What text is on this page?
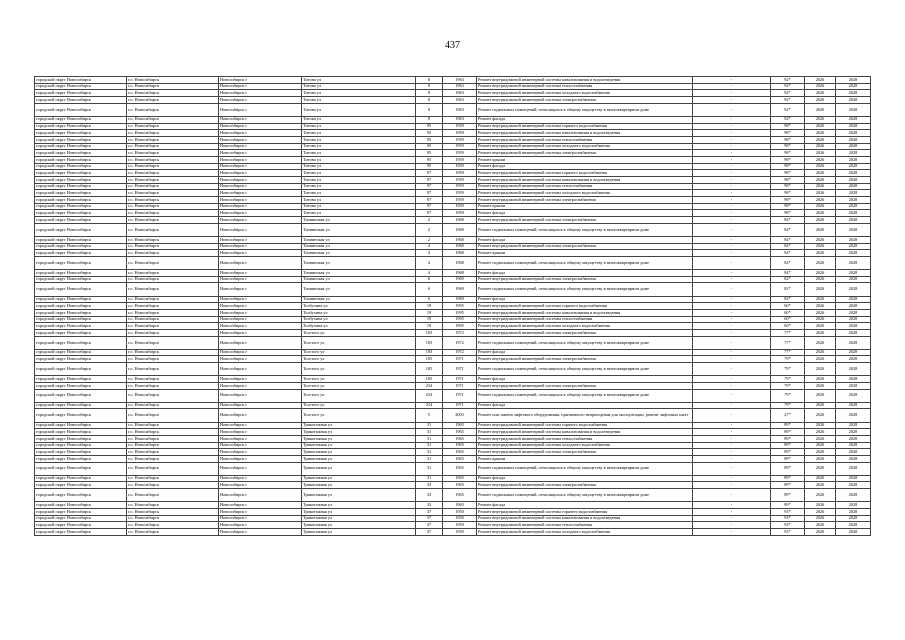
437
городской округ Новосибирск	г.о. Новосибирск	Новосибирск г	Титова ул	8	1963	Ремонт внутридомовой инженерной системы канализования и водоотведения	-	92*	2026	2028
городской округ Новосибирск	г.о. Новосибирск	Новосибирск г	Титова ул	8	1963	Ремонт внутридомовой инженерной системы теплоснабжения	-	92*	2026	2028
городской округ Новосибирск	г.о. Новосибирск	Новосибирск г	Титова ул	8	1963	Ремонт внутридомовой инженерной системы холодного водоснабжения	-	92*	2026	2028
городской округ Новосибирск	г.о. Новосибирск	Новосибирск г	Титова ул	8	1963	Ремонт внутридомовой инженерной системы электроснабжения	-	92*	2026	2028
городской округ Новосибирск	г.о. Новосибирск	Новосибирск г	Титова ул	8	1963	Ремонт подвальных помещений, относящихся к общему имуществу в многоквартирном доме	-	92*	2026	2028
городской округ Новосибирск	г.о. Новосибирск	Новосибирск г	Титова ул	8	1963	Ремонт фасада	-	92*	2026	2028
городской округ Новосибирск	г.о. Новосибирск	Новосибирск г	Титова ул	95	1959	Ремонт внутридомовой инженерной системы горячего водоснабжения	-	98*	2026	2028
городской округ Новосибирск	г.о. Новосибирск	Новосибирск г	Титова ул	95	1959	Ремонт внутридомовой инженерной системы канализования и водоотведения	-	98*	2026	2028
городской округ Новосибирск	г.о. Новосибирск	Новосибирск г	Титова ул	95	1959	Ремонт внутридомовой инженерной системы теплоснабжения	-	98*	2026	2028
городской округ Новосибирск	г.о. Новосибирск	Новосибирск г	Титова ул	95	1959	Ремонт внутридомовой инженерной системы холодного водоснабжения	-	98*	2026	2028
городской округ Новосибирск	г.о. Новосибирск	Новосибирск г	Титова ул	95	1959	Ремонт внутридомовой инженерной системы электроснабжения	-	98*	2026	2028
городской округ Новосибирск	г.о. Новосибирск	Новосибирск г	Титова ул	95	1959	Ремонт крыши	-	98*	2026	2028
городской округ Новосибирск	г.о. Новосибирск	Новосибирск г	Титова ул	95	1959	Ремонт фасада	-	98*	2026	2028
городской округ Новосибирск	г.о. Новосибирск	Новосибирск г	Титова ул	97	1959	Ремонт внутридомовой инженерной системы горячего водоснабжения	-	98*	2026	2028
городской округ Новосибирск	г.о. Новосибирск	Новосибирск г	Титова ул	97	1959	Ремонт внутридомовой инженерной системы канализования и водоотведения	-	98*	2026	2028
городской округ Новосибирск	г.о. Новосибирск	Новосибирск г	Титова ул	97	1959	Ремонт внутридомовой инженерной системы теплоснабжения	-	98*	2026	2028
городской округ Новосибирск	г.о. Новосибирск	Новосибирск г	Титова ул	97	1959	Ремонт внутридомовой инженерной системы холодного водоснабжения	-	98*	2026	2028
городской округ Новосибирск	г.о. Новосибирск	Новосибирск г	Титова ул	97	1959	Ремонт внутридомовой инженерной системы электроснабжения	-	98*	2026	2028
городской округ Новосибирск	г.о. Новосибирск	Новосибирск г	Титова ул	97	1959	Ремонт крыши	-	98*	2026	2028
городской округ Новосибирск	г.о. Новосибирск	Новосибирск г	Титова ул	97	1959	Ремонт фасада	-	98*	2026	2028
городской округ Новосибирск	г.о. Новосибирск	Новосибирск г	Тихвинская ул	2	1968	Ремонт внутридомовой инженерной системы электроснабжения	-	84*	2026	2028
городской округ Новосибирск	г.о. Новосибирск	Новосибирск г	Тихвинская ул	2	1968	Ремонт подвальных помещений, относящихся к общему имуществу в многоквартирном доме	-	84*	2026	2028
городской округ Новосибирск	г.о. Новосибирск	Новосибирск г	Тихвинская ул	2	1968	Ремонт фасада	-	84*	2026	2028
городской округ Новосибирск	г.о. Новосибирск	Новосибирск г	Тихвинская ул	4	1968	Ремонт внутридомовой инженерной системы электроснабжения	-	84*	2026	2028
городской округ Новосибирск	г.о. Новосибирск	Новосибирск г	Тихвинская ул	4	1968	Ремонт крыши	-	84*	2026	2028
городской округ Новосибирск	г.о. Новосибирск	Новосибирск г	Тихвинская ул	4	1968	Ремонт подвальных помещений, относящихся к общему имуществу в многоквартирном доме	-	84*	2026	2028
городской округ Новосибирск	г.о. Новосибирск	Новосибирск г	Тихвинская ул	4	1968	Ремонт фасада	-	84*	2026	2028
городской округ Новосибирск	г.о. Новосибирск	Новосибирск г	Тихвинская ул	6	1969	Ремонт внутридомовой инженерной системы электроснабжения	-	82*	2026	2028
городской округ Новосибирск	г.о. Новосибирск	Новосибирск г	Тихвинская ул	6	1969	Ремонт подвальных помещений, относящихся к общему имуществу в многоквартирном доме	-	82*	2026	2028
городской округ Новосибирск	г.о. Новосибирск	Новосибирск г	Тихвинская ул	6	1969	Ремонт фасада	-	82*	2026	2028
городской округ Новосибирск	г.о. Новосибирск	Новосибирск г	Толбухина ул	19	1995	Ремонт внутридомовой инженерной системы горячего водоснабжения	-	60*	2026	2028
городской округ Новосибирск	г.о. Новосибирск	Новосибирск г	Толбухина ул	19	1995	Ремонт внутридомовой инженерной системы канализования и водоотведения	-	60*	2026	2028
городской округ Новосибирск	г.о. Новосибирск	Новосибирск г	Толбухина ул	19	1995	Ремонт внутридомовой инженерной системы теплоснабжения	-	60*	2026	2028
городской округ Новосибирск	г.о. Новосибирск	Новосибирск г	Толбухина ул	19	1995	Ремонт внутридомовой инженерной системы холодного водоснабжения	-	60*	2026	2028
городской округ Новосибирск	г.о. Новосибирск	Новосибирск г	Толстого ул	183	1972	Ремонт внутридомовой инженерной системы электроснабжения	-	77*	2026	2028
городской округ Новосибирск	г.о. Новосибирск	Новосибирск г	Толстого ул	183	1972	Ремонт подвальных помещений, относящихся к общему имуществу в многоквартирном доме	-	77*	2026	2028
городской округ Новосибирск	г.о. Новосибирск	Новосибирск г	Толстого ул	183	1972	Ремонт фасада	-	77*	2026	2028
городской округ Новосибирск	г.о. Новосибирск	Новосибирск г	Толстого ул	185	1971	Ремонт внутридомовой инженерной системы электроснабжения	-	79*	2026	2028
городской округ Новосибирск	г.о. Новосибирск	Новосибирск г	Толстого ул	185	1971	Ремонт подвальных помещений, относящихся к общему имуществу в многоквартирном доме	-	79*	2026	2028
городской округ Новосибирск	г.о. Новосибирск	Новосибирск г	Толстого ул	185	1971	Ремонт фасада	-	79*	2026	2028
городской округ Новосибирск	г.о. Новосибирск	Новосибирск г	Толстого ул	234	1971	Ремонт внутридомовой инженерной системы электроснабжения	-	79*	2026	2028
городской округ Новосибирск	г.о. Новосибирск	Новосибирск г	Толстого ул	234	1971	Ремонт подвальных помещений, относящихся к общему имуществу в многоквартирном доме	-	79*	2026	2028
городской округ Новосибирск	г.о. Новосибирск	Новосибирск г	Толстого ул	234	1971	Ремонт фасада	-	79*	2026	2028
городской округ Новосибирск	г.о. Новосибирск	Новосибирск г	Толстого ул	5	2003	Ремонт или замена лифтового оборудования, признанного непригодным для эксплуатации, ремонт лифтовых шахт	-	27*	2026	2028
городской округ Новосибирск	г.о. Новосибирск	Новосибирск г	Трикотажная ул	31	1965	Ремонт внутридомовой инженерной системы горячего водоснабжения	-	89*	2026	2028
городской округ Новосибирск	г.о. Новосибирск	Новосибирск г	Трикотажная ул	31	1965	Ремонт внутридомовой инженерной системы канализования и водоотведения	-	89*	2026	2028
городской округ Новосибирск	г.о. Новосибирск	Новосибирск г	Трикотажная ул	31	1965	Ремонт внутридомовой инженерной системы теплоснабжения	-	89*	2026	2028
городской округ Новосибирск	г.о. Новосибирск	Новосибирск г	Трикотажная ул	31	1965	Ремонт внутридомовой инженерной системы холодного водоснабжения	-	89*	2026	2028
городской округ Новосибирск	г.о. Новосибирск	Новосибирск г	Трикотажная ул	31	1965	Ремонт внутридомовой инженерной системы электроснабжения	-	89*	2026	2028
городской округ Новосибирск	г.о. Новосибирск	Новосибирск г	Трикотажная ул	31	1965	Ремонт крыши	-	89*	2026	2028
городской округ Новосибирск	г.о. Новосибирск	Новосибирск г	Трикотажная ул	31	1965	Ремонт подвальных помещений, относящихся к общему имуществу в многоквартирном доме	-	89*	2026	2028
городской округ Новосибирск	г.о. Новосибирск	Новосибирск г	Трикотажная ул	31	1965	Ремонт фасада	-	89*	2026	2028
городской округ Новосибирск	г.о. Новосибирск	Новосибирск г	Трикотажная ул	33	1965	Ремонт внутридомовой инженерной системы электроснабжения	-	89*	2026	2028
городской округ Новосибирск	г.о. Новосибирск	Новосибирск г	Трикотажная ул	33	1965	Ремонт подвальных помещений, относящихся к общему имуществу в многоквартирном доме	-	89*	2026	2028
городской округ Новосибирск	г.о. Новосибирск	Новосибирск г	Трикотажная ул	33	1965	Ремонт фасада	-	89*	2026	2028
городской округ Новосибирск	г.о. Новосибирск	Новосибирск г	Трикотажная ул	37	1950	Ремонт внутридомовой инженерной системы горячего водоснабжения	-	93*	2026	2028
городской округ Новосибирск	г.о. Новосибирск	Новосибирск г	Трикотажная ул	37	1950	Ремонт внутридомовой инженерной системы канализования и водоотведения	-	93*	2026	2028
городской округ Новосибирск	г.о. Новосибирск	Новосибирск г	Трикотажная ул	37	1950	Ремонт внутридомовой инженерной системы теплоснабжения	-	93*	2026	2028
городской округ Новосибирск	г.о. Новосибирск	Новосибирск г	Трикотажная ул	37	1950	Ремонт внутридомовой инженерной системы холодного водоснабжения	-	93*	2026	2028
